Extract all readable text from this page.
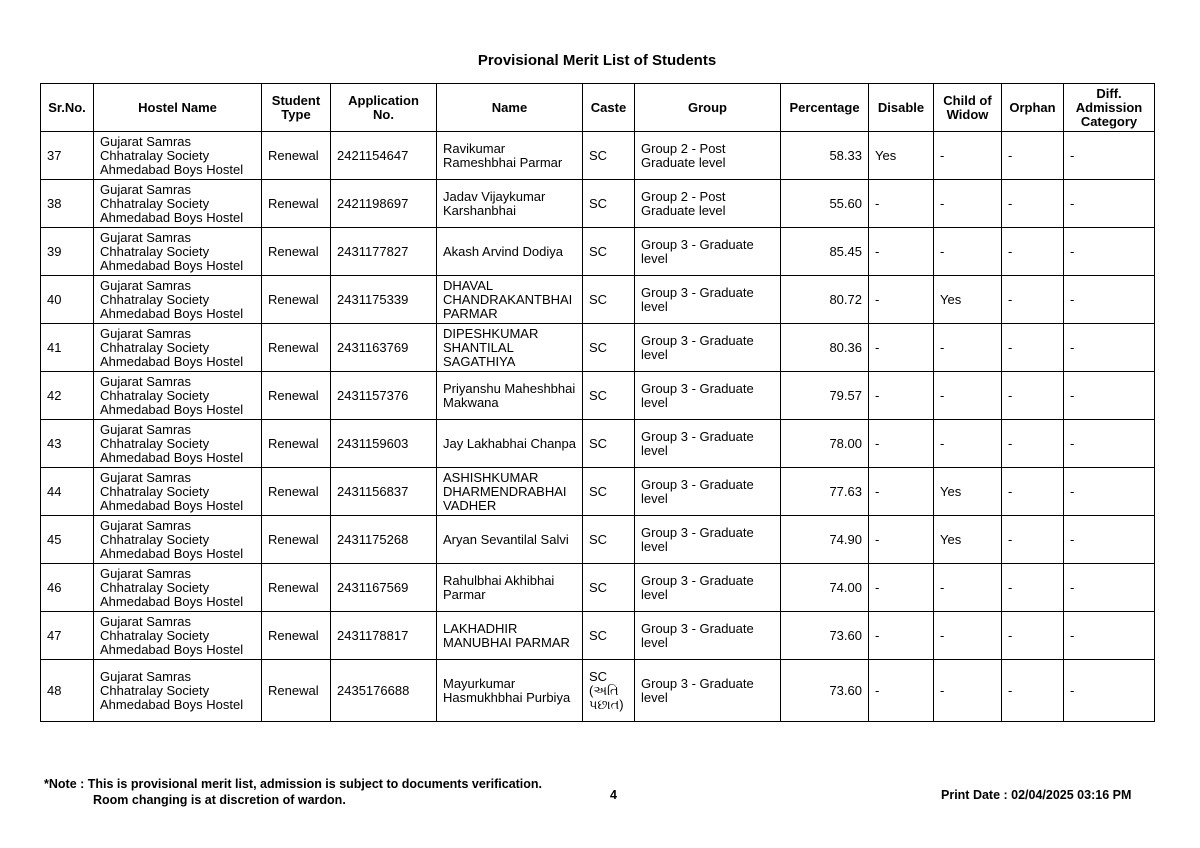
Provisional Merit List of Students
Sr.No.	Hostel Name	Student Type	Application No.	Name	Caste	Group	Percentage	Disable	Child of Widow	Orphan	Diff. Admission Category
37	Gujarat Samras Chhatralay Society Ahmedabad Boys Hostel	Renewal	2421154647	Ravikumar Rameshbhai Parmar	SC	Group 2 - Post Graduate level	58.33	Yes	-	-	-
38	Gujarat Samras Chhatralay Society Ahmedabad Boys Hostel	Renewal	2421198697	Jadav Vijaykumar Karshanbhai	SC	Group 2 - Post Graduate level	55.60	-	-	-	-
39	Gujarat Samras Chhatralay Society Ahmedabad Boys Hostel	Renewal	2431177827	Akash Arvind Dodiya	SC	Group 3 - Graduate level	85.45	-	-	-	-
40	Gujarat Samras Chhatralay Society Ahmedabad Boys Hostel	Renewal	2431175339	DHAVAL CHANDRAKANTBHAI PARMAR	SC	Group 3 - Graduate level	80.72	-	Yes	-	-
41	Gujarat Samras Chhatralay Society Ahmedabad Boys Hostel	Renewal	2431163769	DIPESHKUMAR SHANTILAL SAGATHIYA	SC	Group 3 - Graduate level	80.36	-	-	-	-
42	Gujarat Samras Chhatralay Society Ahmedabad Boys Hostel	Renewal	2431157376	Priyanshu Maheshbhai Makwana	SC	Group 3 - Graduate level	79.57	-	-	-	-
43	Gujarat Samras Chhatralay Society Ahmedabad Boys Hostel	Renewal	2431159603	Jay Lakhabhai Chanpa	SC	Group 3 - Graduate level	78.00	-	-	-	-
44	Gujarat Samras Chhatralay Society Ahmedabad Boys Hostel	Renewal	2431156837	ASHISHKUMAR DHARMENDRABHAI VADHER	SC	Group 3 - Graduate level	77.63	-	Yes	-	-
45	Gujarat Samras Chhatralay Society Ahmedabad Boys Hostel	Renewal	2431175268	Aryan Sevantilal Salvi	SC	Group 3 - Graduate level	74.90	-	Yes	-	-
46	Gujarat Samras Chhatralay Society Ahmedabad Boys Hostel	Renewal	2431167569	Rahulbhai Akhibhai Parmar	SC	Group 3 - Graduate level	74.00	-	-	-	-
47	Gujarat Samras Chhatralay Society Ahmedabad Boys Hostel	Renewal	2431178817	LAKHADHIR MANUBHAI PARMAR	SC	Group 3 - Graduate level	73.60	-	-	-	-
48	Gujarat Samras Chhatralay Society Ahmedabad Boys Hostel	Renewal	2435176688	Mayurkumar Hasmukhbhai Purbiya	SC (અતિ પછાત)	Group 3 - Graduate level	73.60	-	-	-	-
*Note : This is provisional merit list, admission is subject to documents verification.
Room changing is at discretion of wardon.	4	Print Date : 02/04/2025 03:16 PM
